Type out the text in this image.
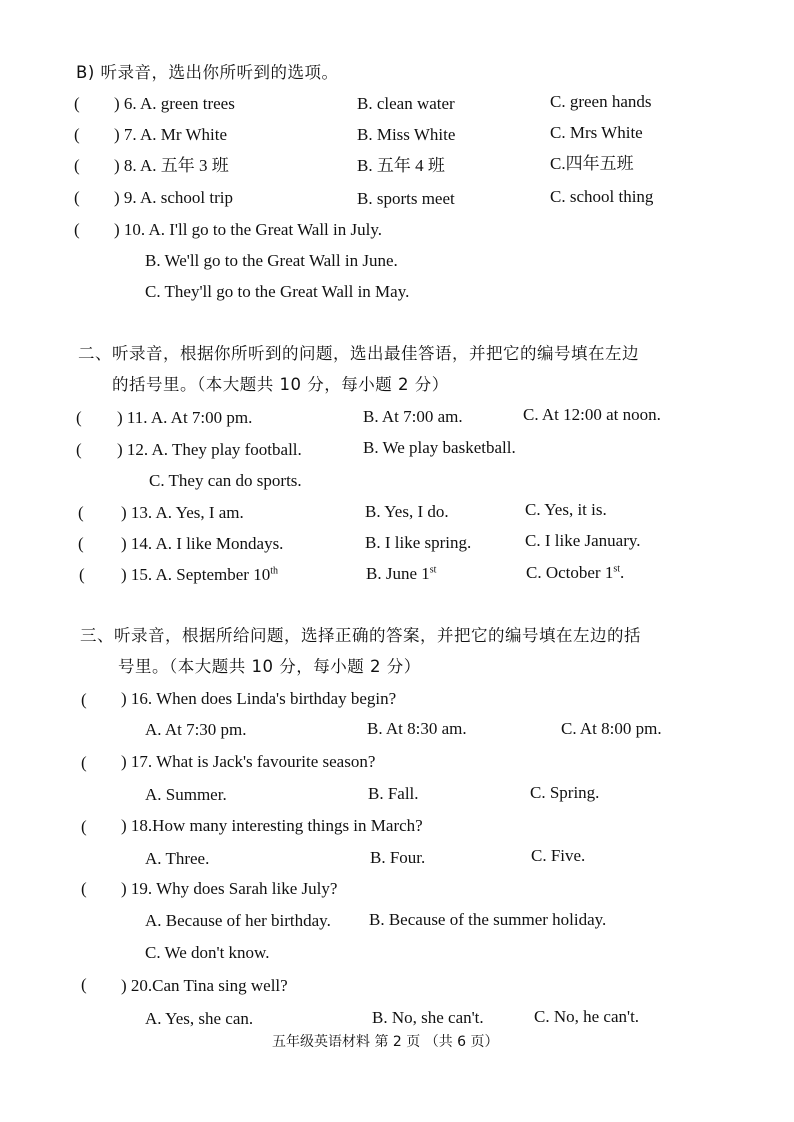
B) 听录音，选出你所听到的选项。
( ) 6. A. green trees	B. clean water	C. green hands
( ) 7. A. Mr White	B. Miss White	C. Mrs White
( ) 8. A. 五年 3 班	B. 五年 4 班	C.四年五班
( ) 9. A. school trip	B. sports meet	C. school thing
( ) 10. A. I'll go to the Great Wall in July.
B. We'll go to the Great Wall in June.
C. They'll go to the Great Wall in May.
二、听录音，根据你所听到的问题，选出最佳答语，并把它的编号填在左边
的括号里。（本大题共 10 分，每小题 2 分）
( ) 11. A. At 7:00 pm.	B. At 7:00 am.	C. At 12:00 at noon.
( ) 12. A. They play football.	B. We play basketball.
C. They can do sports.
( ) 13. A. Yes, I am.	B. Yes, I do.	C. Yes, it is.
( ) 14. A. I like Mondays.	B. I like spring.	C. I like January.
( ) 15. A. September 10th	B. June 1st	C. October 1st.
三、听录音，根据所给问题，选择正确的答案，并把它的编号填在左边的括
号里。（本大题共 10 分，每小题 2 分）
( ) 16. When does Linda's birthday begin?
A. At 7:30 pm.	B. At 8:30 am.	C. At 8:00 pm.
( ) 17. What is Jack's favourite season?
A. Summer.	B. Fall.	C. Spring.
( ) 18.How many interesting things in March?
A. Three.	B. Four.	C. Five.
( ) 19. Why does Sarah like July?
A. Because of her birthday. B. Because of the summer holiday.
C. We don't know.
( ) 20.Can Tina sing well?
A. Yes, she can.	B. No, she can't.	C. No, he can't.
五年级英语材料 第 2 页 （共 6 页）
